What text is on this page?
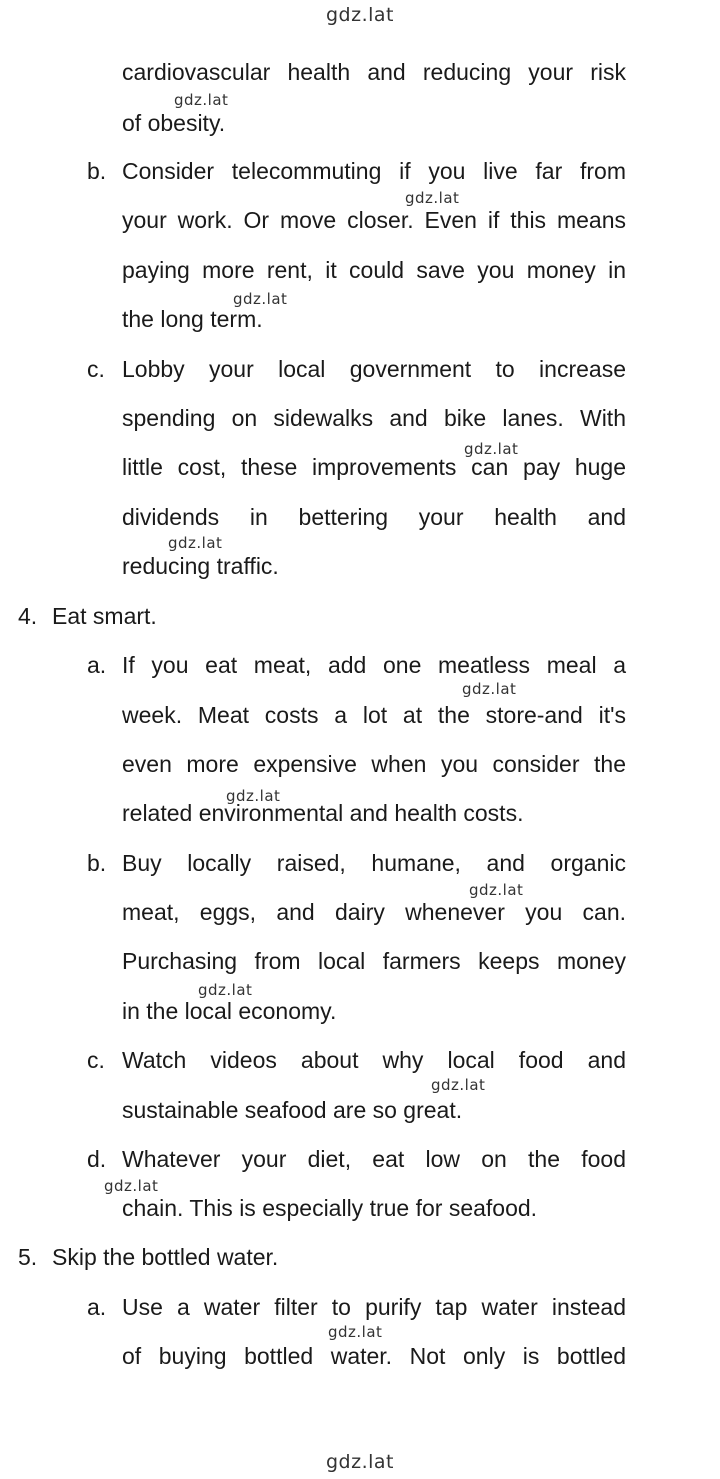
gdz.lat
gdz.lat
gdz.lat
gdz.lat
gdz.lat
gdz.lat
gdz.lat
gdz.lat
gdz.lat
gdz.lat
gdz.lat
gdz.lat
gdz.lat
cardiovascular health and reducing your risk
of obesity.
b. Consider telecommuting if you live far from
your work. Or move closer. Even if this means
paying more rent, it could save you money in
the long term.
c. Lobby your local government to increase
spending on sidewalks and bike lanes. With
little cost, these improvements can pay huge
dividends in bettering your health and
reducing traffic.
4. Eat smart.
a. If you eat meat, add one meatless meal a
week. Meat costs a lot at the store-and it's
even more expensive when you consider the
related environmental and health costs.
b. Buy locally raised, humane, and organic
meat, eggs, and dairy whenever you can.
Purchasing from local farmers keeps money
in the local economy.
c. Watch videos about why local food and
sustainable seafood are so great.
d. Whatever your diet, eat low on the food
chain. This is especially true for seafood.
5. Skip the bottled water.
a. Use a water filter to purify tap water instead
of buying bottled water. Not only is bottled
gdz.lat
